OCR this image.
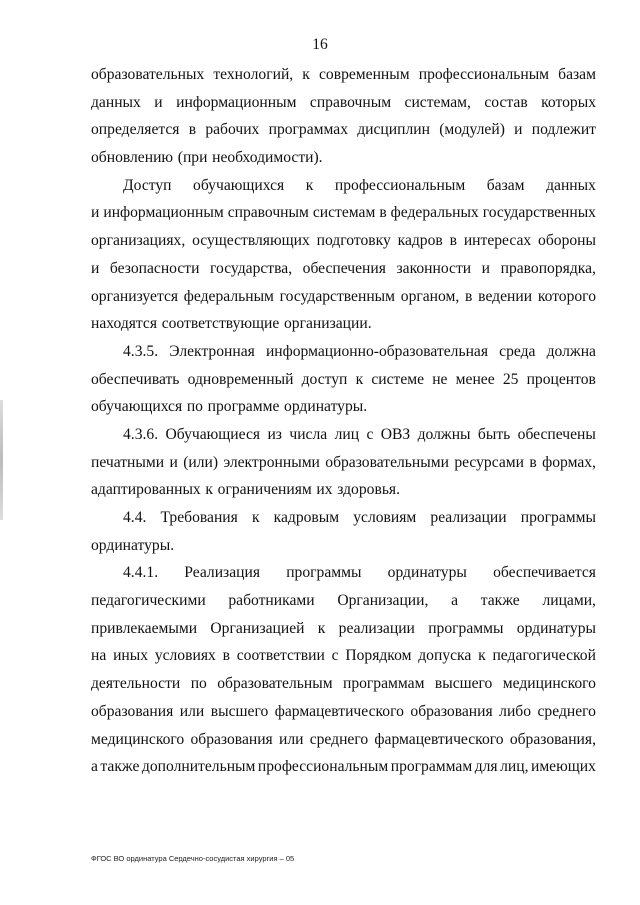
16
образовательных технологий, к современным профессиональным базам
данных и информационным справочным системам, состав которых
определяется в рабочих программах дисциплин (модулей) и подлежит
обновлению (при необходимости).
Доступ обучающихся к профессиональным базам данных
и информационным справочным системам в федеральных государственных
организациях, осуществляющих подготовку кадров в интересах обороны
и безопасности государства, обеспечения законности и правопорядка,
организуется федеральным государственным органом, в ведении которого
находятся соответствующие организации.
4.3.5. Электронная информационно-образовательная среда должна
обеспечивать одновременный доступ к системе не менее 25 процентов
обучающихся по программе ординатуры.
4.3.6. Обучающиеся из числа лиц с ОВЗ должны быть обеспечены
печатными и (или) электронными образовательными ресурсами в формах,
адаптированных к ограничениям их здоровья.
4.4. Требования к кадровым условиям реализации программы
ординатуры.
4.4.1. Реализация программы ординатуры обеспечивается
педагогическими работниками Организации, а также лицами,
привлекаемыми Организацией к реализации программы ординатуры
на иных условиях в соответствии с Порядком допуска к педагогической
деятельности по образовательным программам высшего медицинского
образования или высшего фармацевтического образования либо среднего
медицинского образования или среднего фармацевтического образования,
а также дополнительным профессиональным программам для лиц, имеющих
ФГОС ВО ординатура Сердечно-сосудистая хирургия – 05
